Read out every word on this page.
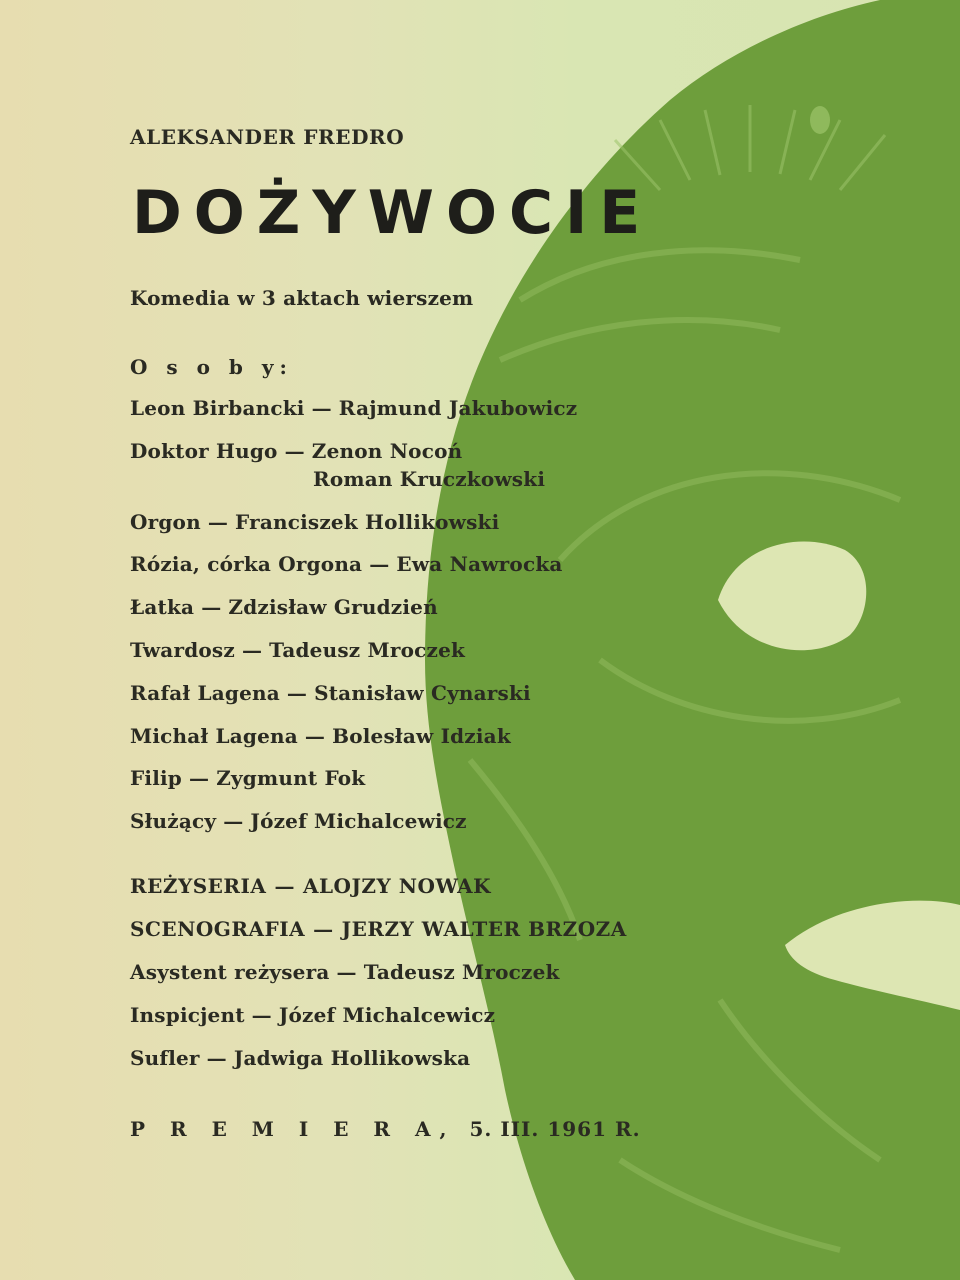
ALEKSANDER FREDRO
DOŻYWOCIE
Komedia w 3 aktach wierszem
O s o b y:
Leon Birbancki — Rajmund Jakubowicz
Doktor Hugo — Zenon Nocoń
Roman Kruczkowski
Orgon — Franciszek Hollikowski
Rózia, córka Orgona — Ewa Nawrocka
Łatka — Zdzisław Grudzień
Twardosz — Tadeusz Mroczek
Rafał Lagena — Stanisław Cynarski
Michał Lagena — Bolesław Idziak
Filip — Zygmunt Fok
Służący — Józef Michalcewicz
REŻYSERIA — ALOJZY NOWAK
SCENOGRAFIA — JERZY WALTER BRZOZA
Asystent reżysera — Tadeusz Mroczek
Inspicjent — Józef Michalcewicz
Sufler — Jadwiga Hollikowska
P R E M I E R A, 5. III. 1961 R.
